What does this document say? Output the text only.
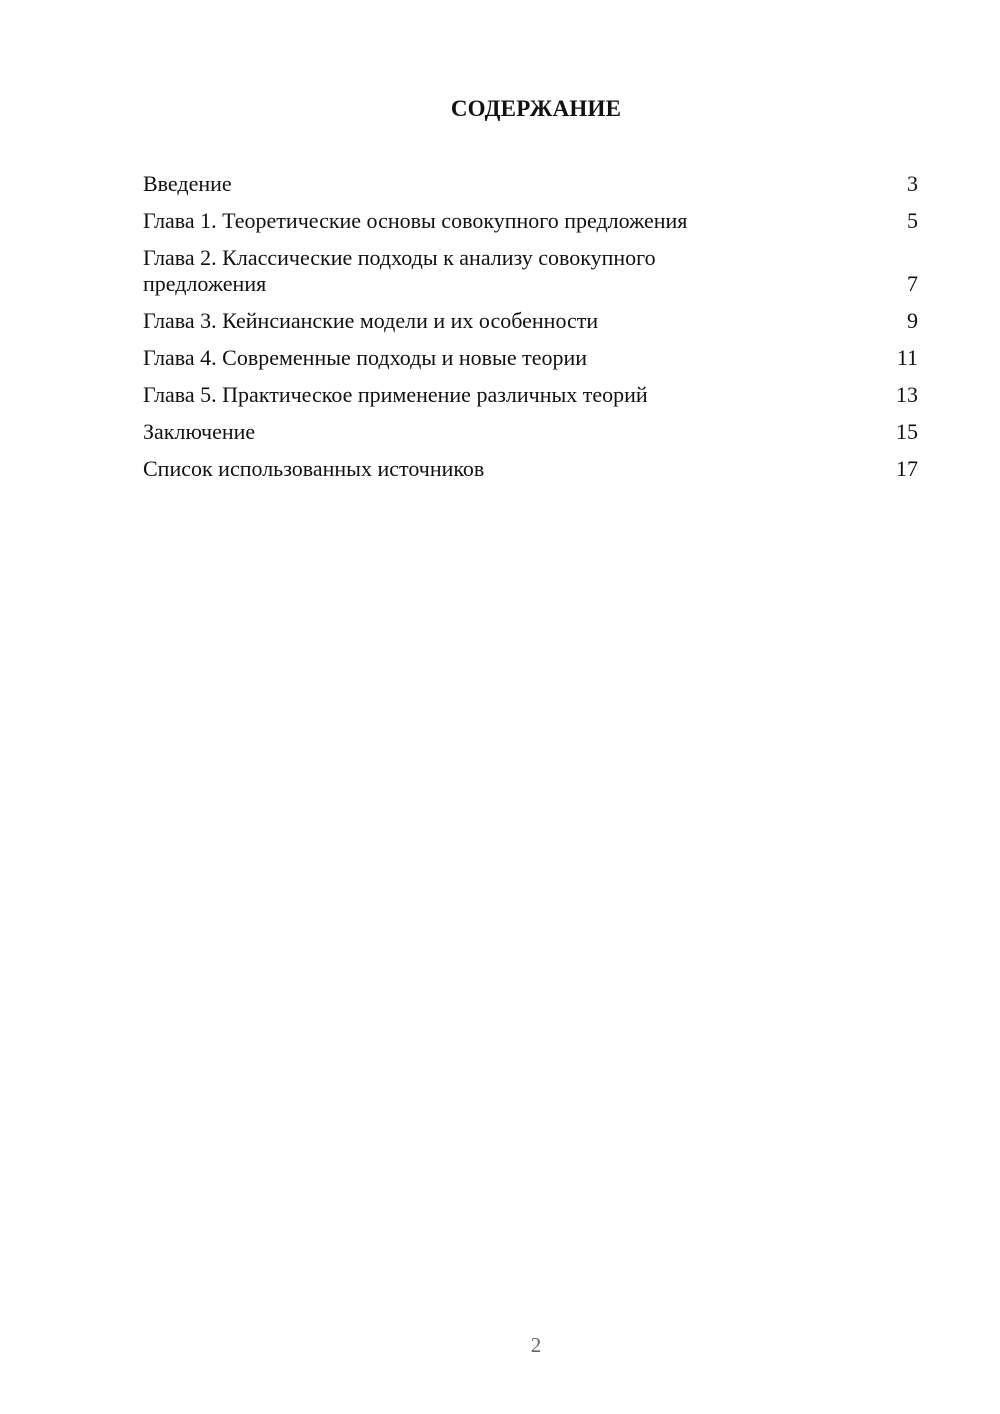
СОДЕРЖАНИЕ
Введение	3
Глава 1. Теоретические основы совокупного предложения	5
Глава 2. Классические подходы к анализу совокупного предложения	7
Глава 3. Кейнсианские модели и их особенности	9
Глава 4. Современные подходы и новые теории	11
Глава 5. Практическое применение различных теорий	13
Заключение	15
Список использованных источников	17
2
